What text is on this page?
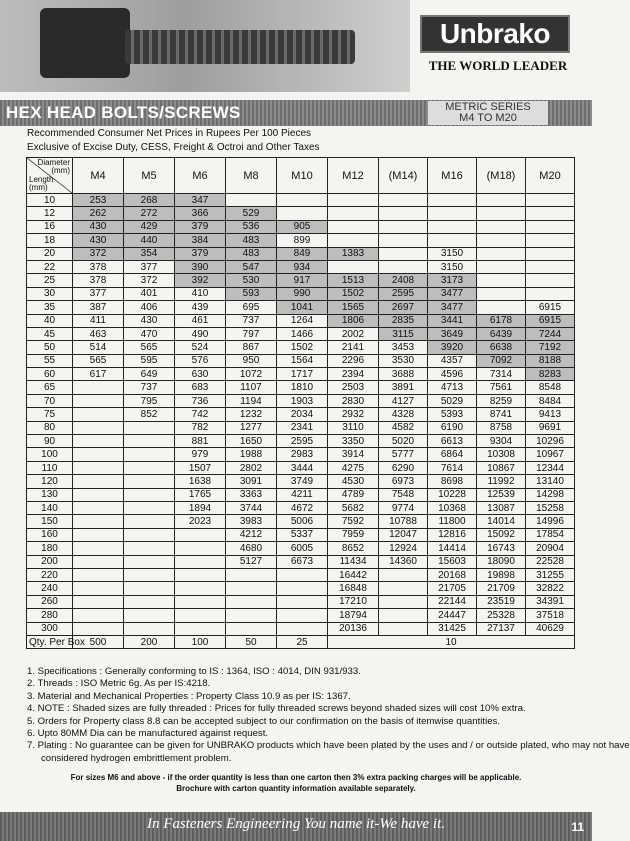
Unbrako
THE WORLD LEADER
HEX HEAD BOLTS/SCREWS	METRIC SERIES
M4 TO M20
Recommended Consumer Net Prices in Rupees Per 100 Pieces
Exclusive of Excise Duty, CESS, Freight & Octroi and Other Taxes
Diameter
(mm)
Length
(mm)	M4	M5	M6	M8	M10	M12	(M14)	M16	(M18)	M20
10	253	268	347							
12	262	272	366	529						
16	430	429	379	536	905					
18	430	440	384	483	899					
20	372	354	379	483	849	1383		3150		
22	378	377	390	547	934			3150		
25	378	372	392	530	917	1513	2408	3173		
30	377	401	410	593	990	1502	2595	3477		
35	387	406	439	695	1041	1565	2697	3477		6915
40	411	430	461	737	1264	1806	2835	3441	6178	6915
45	463	470	490	797	1466	2002	3115	3649	6439	7244
50	514	565	524	867	1502	2141	3453	3920	6638	7192
55	565	595	576	950	1564	2296	3530	4357	7092	8188
60	617	649	630	1072	1717	2394	3688	4596	7314	8283
65		737	683	1107	1810	2503	3891	4713	7561	8548
70		795	736	1194	1903	2830	4127	5029	8259	8484
75		852	742	1232	2034	2932	4328	5393	8741	9413
80			782	1277	2341	3110	4582	6190	8758	9691
90			881	1650	2595	3350	5020	6613	9304	10296
100			979	1988	2983	3914	5777	6864	10308	10967
110			1507	2802	3444	4275	6290	7614	10867	12344
120			1638	3091	3749	4530	6973	8698	11992	13140
130			1765	3363	4211	4789	7548	10228	12539	14298
140			1894	3744	4672	5682	9774	10368	13087	15258
150			2023	3983	5006	7592	10788	11800	14014	14996
160				4212	5337	7959	12047	12816	15092	17854
180				4680	6005	8652	12924	14414	16743	20904
200				5127	6673	11434	14360	15603	18090	22528
220						16442		20168	19898	31255
240						16848		21705	21709	32822
260						17210		22144	23519	34391
280						18794		24447	25328	37518
300						20136		31425	27137	40629
Qty. Per Box	500	200	100	50	25	10				
1. Specifications : Generally conforming to IS : 1364, ISO : 4014, DIN 931/933.
2. Threads : ISO Metric 6g. As per IS:4218.
3. Material and Mechanical Properties : Property Class 10.9 as per IS: 1367.
4. NOTE : Shaded sizes are fully threaded : Prices for fully threaded screws beyond shaded sizes will cost 10% extra.
5. Orders for Property class 8.8 can be accepted subject to our confirmation on the basis of itemwise quantities.
6. Upto 80MM Dia can be manufactured against request.
7. Plating : No guarantee can be given for UNBRAKO products which have been plated by the uses and / or outside plated, who may not have
considered hydrogen embrittlement problem.
For sizes M6 and above - if the order quantity is less than one carton then 3% extra packing charges will be applicable.
Brochure with carton quantity information available separately.
In Fasteners Engineering You name it-We have it.	11
